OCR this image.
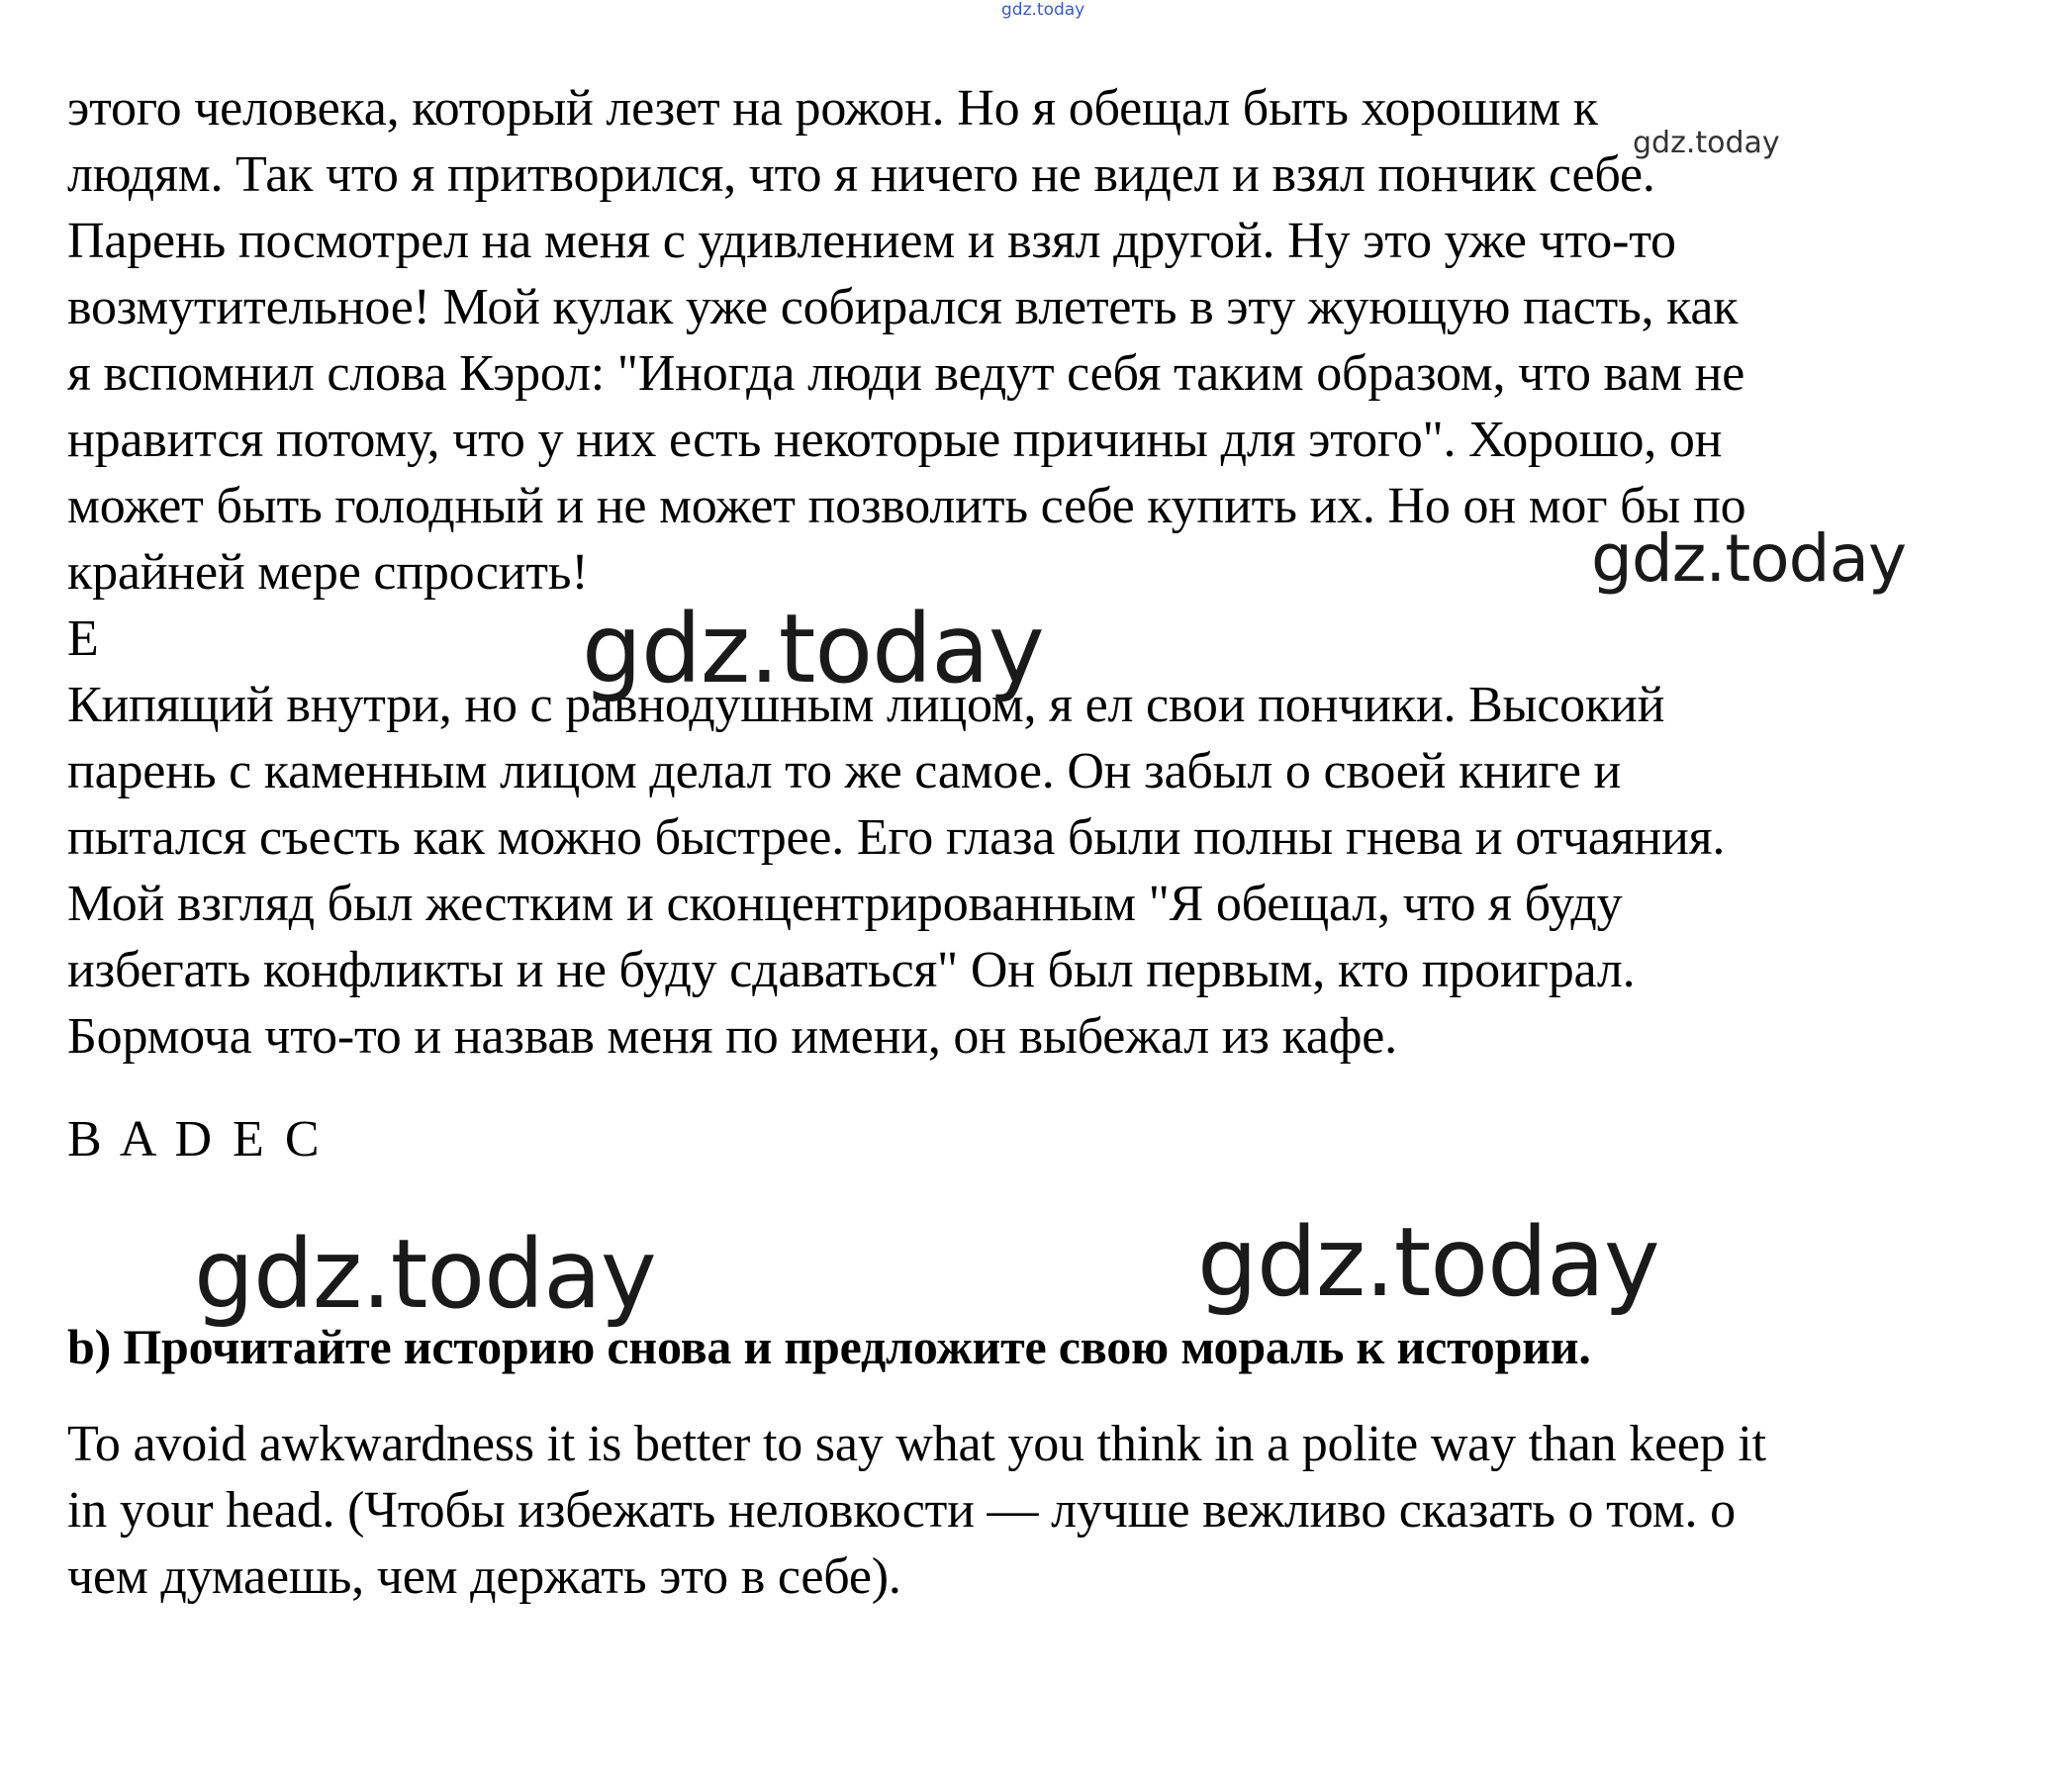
этого человека, который лезет на рожон. Но я обещал быть хорошим к
людям. Так что я притворился, что я ничего не видел и взял пончик себе.
Парень посмотрел на меня с удивлением и взял другой. Ну это уже что-то
возмутительное! Мой кулак уже собирался влететь в эту жующую пасть, как
я вспомнил слова Кэрол: "Иногда люди ведут себя таким образом, что вам не
нравится потому, что у них есть некоторые причины для этого". Хорошо, он
может быть голодный и не может позволить себе купить их. Но он мог бы по
крайней мере спросить!
E
Кипящий внутри, но с равнодушным лицом, я ел свои пончики. Высокий
парень с каменным лицом делал то же самое. Он забыл о своей книге и
пытался съесть как можно быстрее. Его глаза были полны гнева и отчаяния.
Мой взгляд был жестким и сконцентрированным "Я обещал, что я буду
избегать конфликты и не буду сдаваться" Он был первым, кто проиграл.
Бормоча что-то и назвав меня по имени, он выбежал из кафе.
B A D E C
b) Прочитайте историю снова и предложите свою мораль к истории.
To avoid awkwardness it is better to say what you think in a polite way than keep it
in your head. (Чтобы избежать неловкости — лучше вежливо сказать о том. о
чем думаешь, чем держать это в себе).
gdz.today
gdz.today
gdz.today
gdz.today
gdz.today	gdz.today
